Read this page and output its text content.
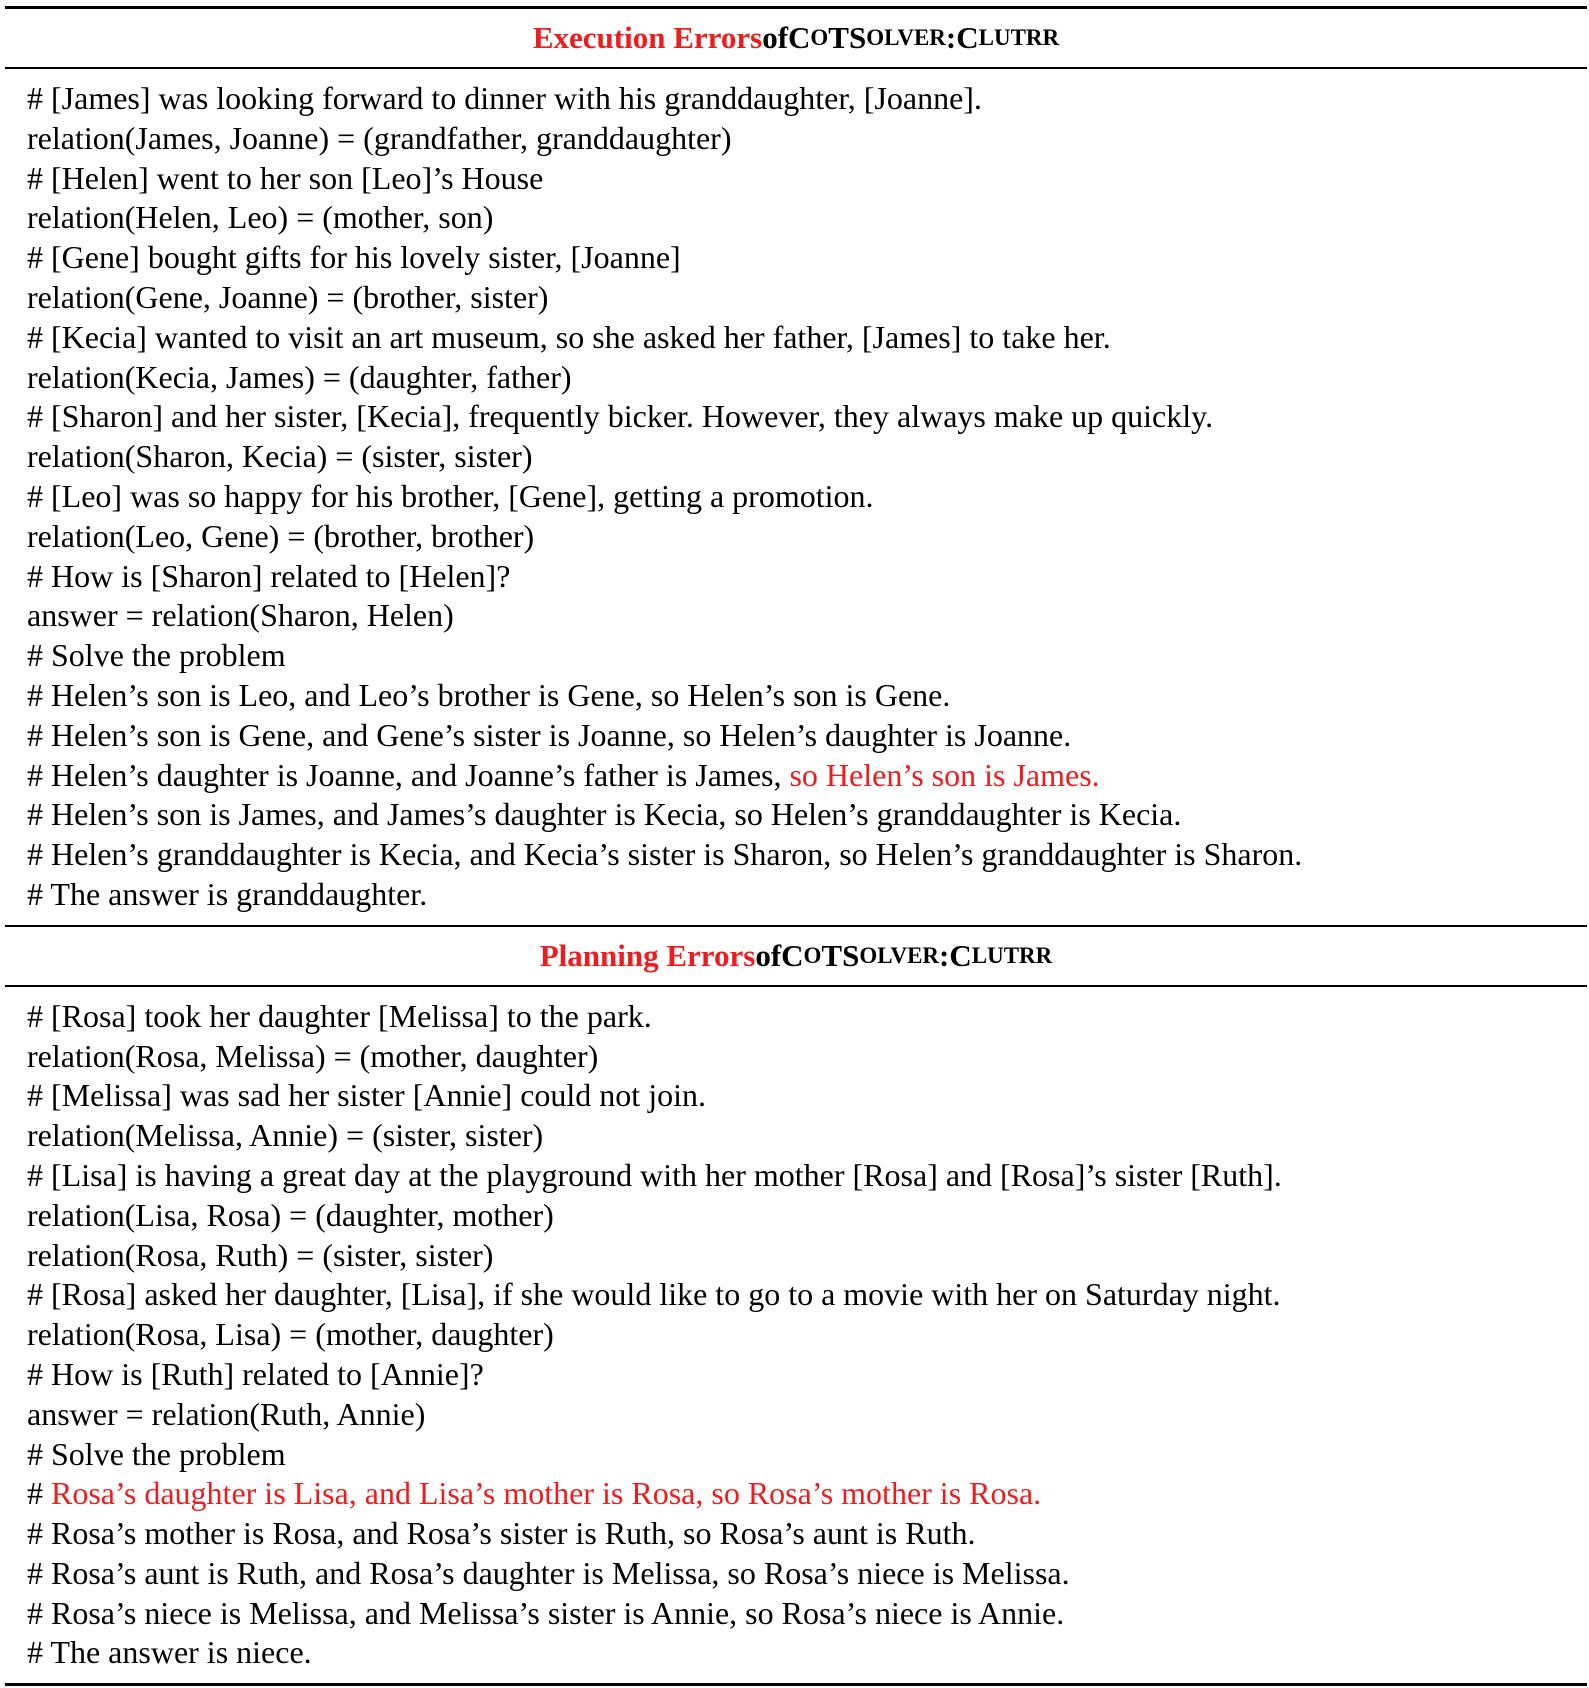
Execution Errors of C O TS OLVER : C LUTRR
# [James] was looking forward to dinner with his granddaughter, [Joanne].
relation(James, Joanne) = (grandfather, granddaughter)
# [Helen] went to her son [Leo]’s House
relation(Helen, Leo) = (mother, son)
# [Gene] bought gifts for his lovely sister, [Joanne]
relation(Gene, Joanne) = (brother, sister)
# [Kecia] wanted to visit an art museum, so she asked her father, [James] to take her.
relation(Kecia, James) = (daughter, father)
# [Sharon] and her sister, [Kecia], frequently bicker. However, they always make up quickly.
relation(Sharon, Kecia) = (sister, sister)
# [Leo] was so happy for his brother, [Gene], getting a promotion.
relation(Leo, Gene) = (brother, brother)
# How is [Sharon] related to [Helen]?
answer = relation(Sharon, Helen)
# Solve the problem
# Helen’s son is Leo, and Leo’s brother is Gene, so Helen’s son is Gene.
# Helen’s son is Gene, and Gene’s sister is Joanne, so Helen’s daughter is Joanne.
# Helen’s daughter is Joanne, and Joanne’s father is James, so Helen’s son is James.
# Helen’s son is James, and James’s daughter is Kecia, so Helen’s granddaughter is Kecia.
# Helen’s granddaughter is Kecia, and Kecia’s sister is Sharon, so Helen’s granddaughter is Sharon.
# The answer is granddaughter.
Planning Errors of C O TS OLVER : C LUTRR
# [Rosa] took her daughter [Melissa] to the park.
relation(Rosa, Melissa) = (mother, daughter)
# [Melissa] was sad her sister [Annie] could not join.
relation(Melissa, Annie) = (sister, sister)
# [Lisa] is having a great day at the playground with her mother [Rosa] and [Rosa]’s sister [Ruth].
relation(Lisa, Rosa) = (daughter, mother)
relation(Rosa, Ruth) = (sister, sister)
# [Rosa] asked her daughter, [Lisa], if she would like to go to a movie with her on Saturday night.
relation(Rosa, Lisa) = (mother, daughter)
# How is [Ruth] related to [Annie]?
answer = relation(Ruth, Annie)
# Solve the problem
# Rosa’s daughter is Lisa, and Lisa’s mother is Rosa, so Rosa’s mother is Rosa.
# Rosa’s mother is Rosa, and Rosa’s sister is Ruth, so Rosa’s aunt is Ruth.
# Rosa’s aunt is Ruth, and Rosa’s daughter is Melissa, so Rosa’s niece is Melissa.
# Rosa’s niece is Melissa, and Melissa’s sister is Annie, so Rosa’s niece is Annie.
# The answer is niece.
